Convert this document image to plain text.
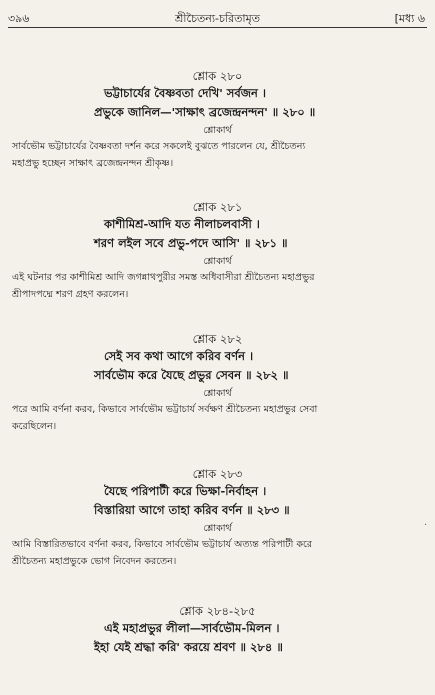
শ্রীচৈতন্য-চরিতামৃত
৩৯৬	[মধ্য ৬
শ্লোক ২৮০
ভট্টাচার্যের বৈষ্ণবতা দেখি' সর্বজন ।
প্রভুকে জানিল—'সাক্ষাৎ ব্রজেন্দ্রনন্দন' ॥ ২৮০ ॥
শ্লোকার্থ
সার্বভৌম ভট্টাচার্যের বৈষ্ণবতা দর্শন করে সকলেই বুঝতে পারলেন যে, শ্রীচৈতন্য
মহাপ্রভু হচ্ছেন সাক্ষাৎ ব্রজেন্দ্রনন্দন শ্রীকৃষ্ণ।
শ্লোক ২৮১
কাশীমিশ্র-আদি যত নীলাচলবাসী ।
শরণ লইল সবে প্রভু-পদে আসি' ॥ ২৮১ ॥
শ্লোকার্থ
এই ঘটনার পর কাশীমিশ্র আদি জগন্নাথপুরীর সমস্ত অধিবাসীরা শ্রীচৈতন্য মহাপ্রভুর
শ্রীপাদপদ্মে শরণ গ্রহণ করলেন।
শ্লোক ২৮২
সেই সব কথা আগে করিব বর্ণন ।
সার্বভৌম করে যৈছে প্রভুর সেবন ॥ ২৮২ ॥
শ্লোকার্থ
পরে আমি বর্ণনা করব, কিভাবে সার্বভৌম ভট্টাচার্য সর্বক্ষণ শ্রীচৈতন্য মহাপ্রভুর সেবা
করেছিলেন।
শ্লোক ২৮৩
যৈছে পরিপাটী করে ভিক্ষা-নির্বাহন ।
বিস্তারিয়া আগে তাহা করিব বর্ণন ॥ ২৮৩ ॥
শ্লোকার্থ
আমি বিস্তারিতভাবে বর্ণনা করব, কিভাবে সার্বভৌম ভট্টাচার্য অত্যন্ত পরিপাটী করে
শ্রীচৈতন্য মহাপ্রভুকে ভোগ নিবেদন করতেন।
শ্লোক ২৮৪-২৮৫
এই মহাপ্রভুর লীলা—সার্বভৌম-মিলন ।
ইহা যেই শ্রদ্ধা করি' করয়ে শ্রবণ ॥ ২৮৪ ॥
·
